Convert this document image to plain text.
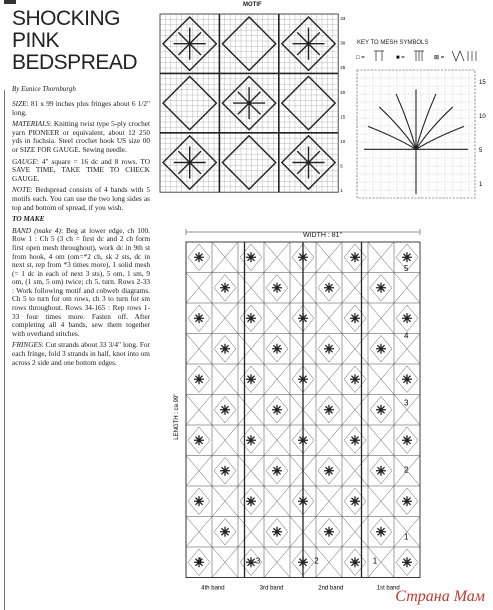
SHOCKING
PINK
BEDSPREAD
By Eunice Thornburgh

SIZE: 81 x 99 inches plus fringes about 6 1/2" long.

MATERIALS: Knitting twist type 5-ply crochet yarn PIONEER or equivalent, about 12 250 yds in fuchsia. Steel crochet hook US size 00 or SIZE FOR GAUGE. Sewing needle.

GAUGE: 4" square = 16 dc and 8 rows. TO SAVE TIME, TAKE TIME TO CHECK GAUGE.

NOTE: Bedspread consists of 4 bands with 5 motifs each. You can use the two long sides as top and bottom of spread, if you wish.

TO MAKE

BAND (make 4): Beg at lower edge, ch 100. Row 1 : Ch 5 (3 ch = first dc and 2 ch form first open mesh throughout), work dc in 9th st from hook, 4 om (om=*2 ch, sk 2 sts, dc in next st, rep from *3 times more), 1 solid mesh (= 1 dc in each of next 3 sts), 5 om, 1 sm, 9 om, (1 sm, 5 om) twice; ch 5, turn. Rows 2-33 : Work following motif and cobweb diagrams. Ch 5 to turn for om rows, ch 3 to turn for sm rows throughout. Rows 34-165 : Rep rows 1-33 four times more. Fasten off. After completing all 4 bands, sew them together with overhand stitches.

FRINGES: Cut strands about 33 3/4" long. For each fringe, fold 3 strands in half, knot into om across 2 side and one bottom edges.

MOTIF
33
30
25
20
15
10
5
1
KEY TO MESH SYMBOLS
□ =	■ =	⊠ =
15
10
5
1
WIDTH : 81"
5
4
3
2
1
4	3	2	1
4th band	3rd band	2nd band	1st band
LENGTH : ca 99"
Страна Мам
